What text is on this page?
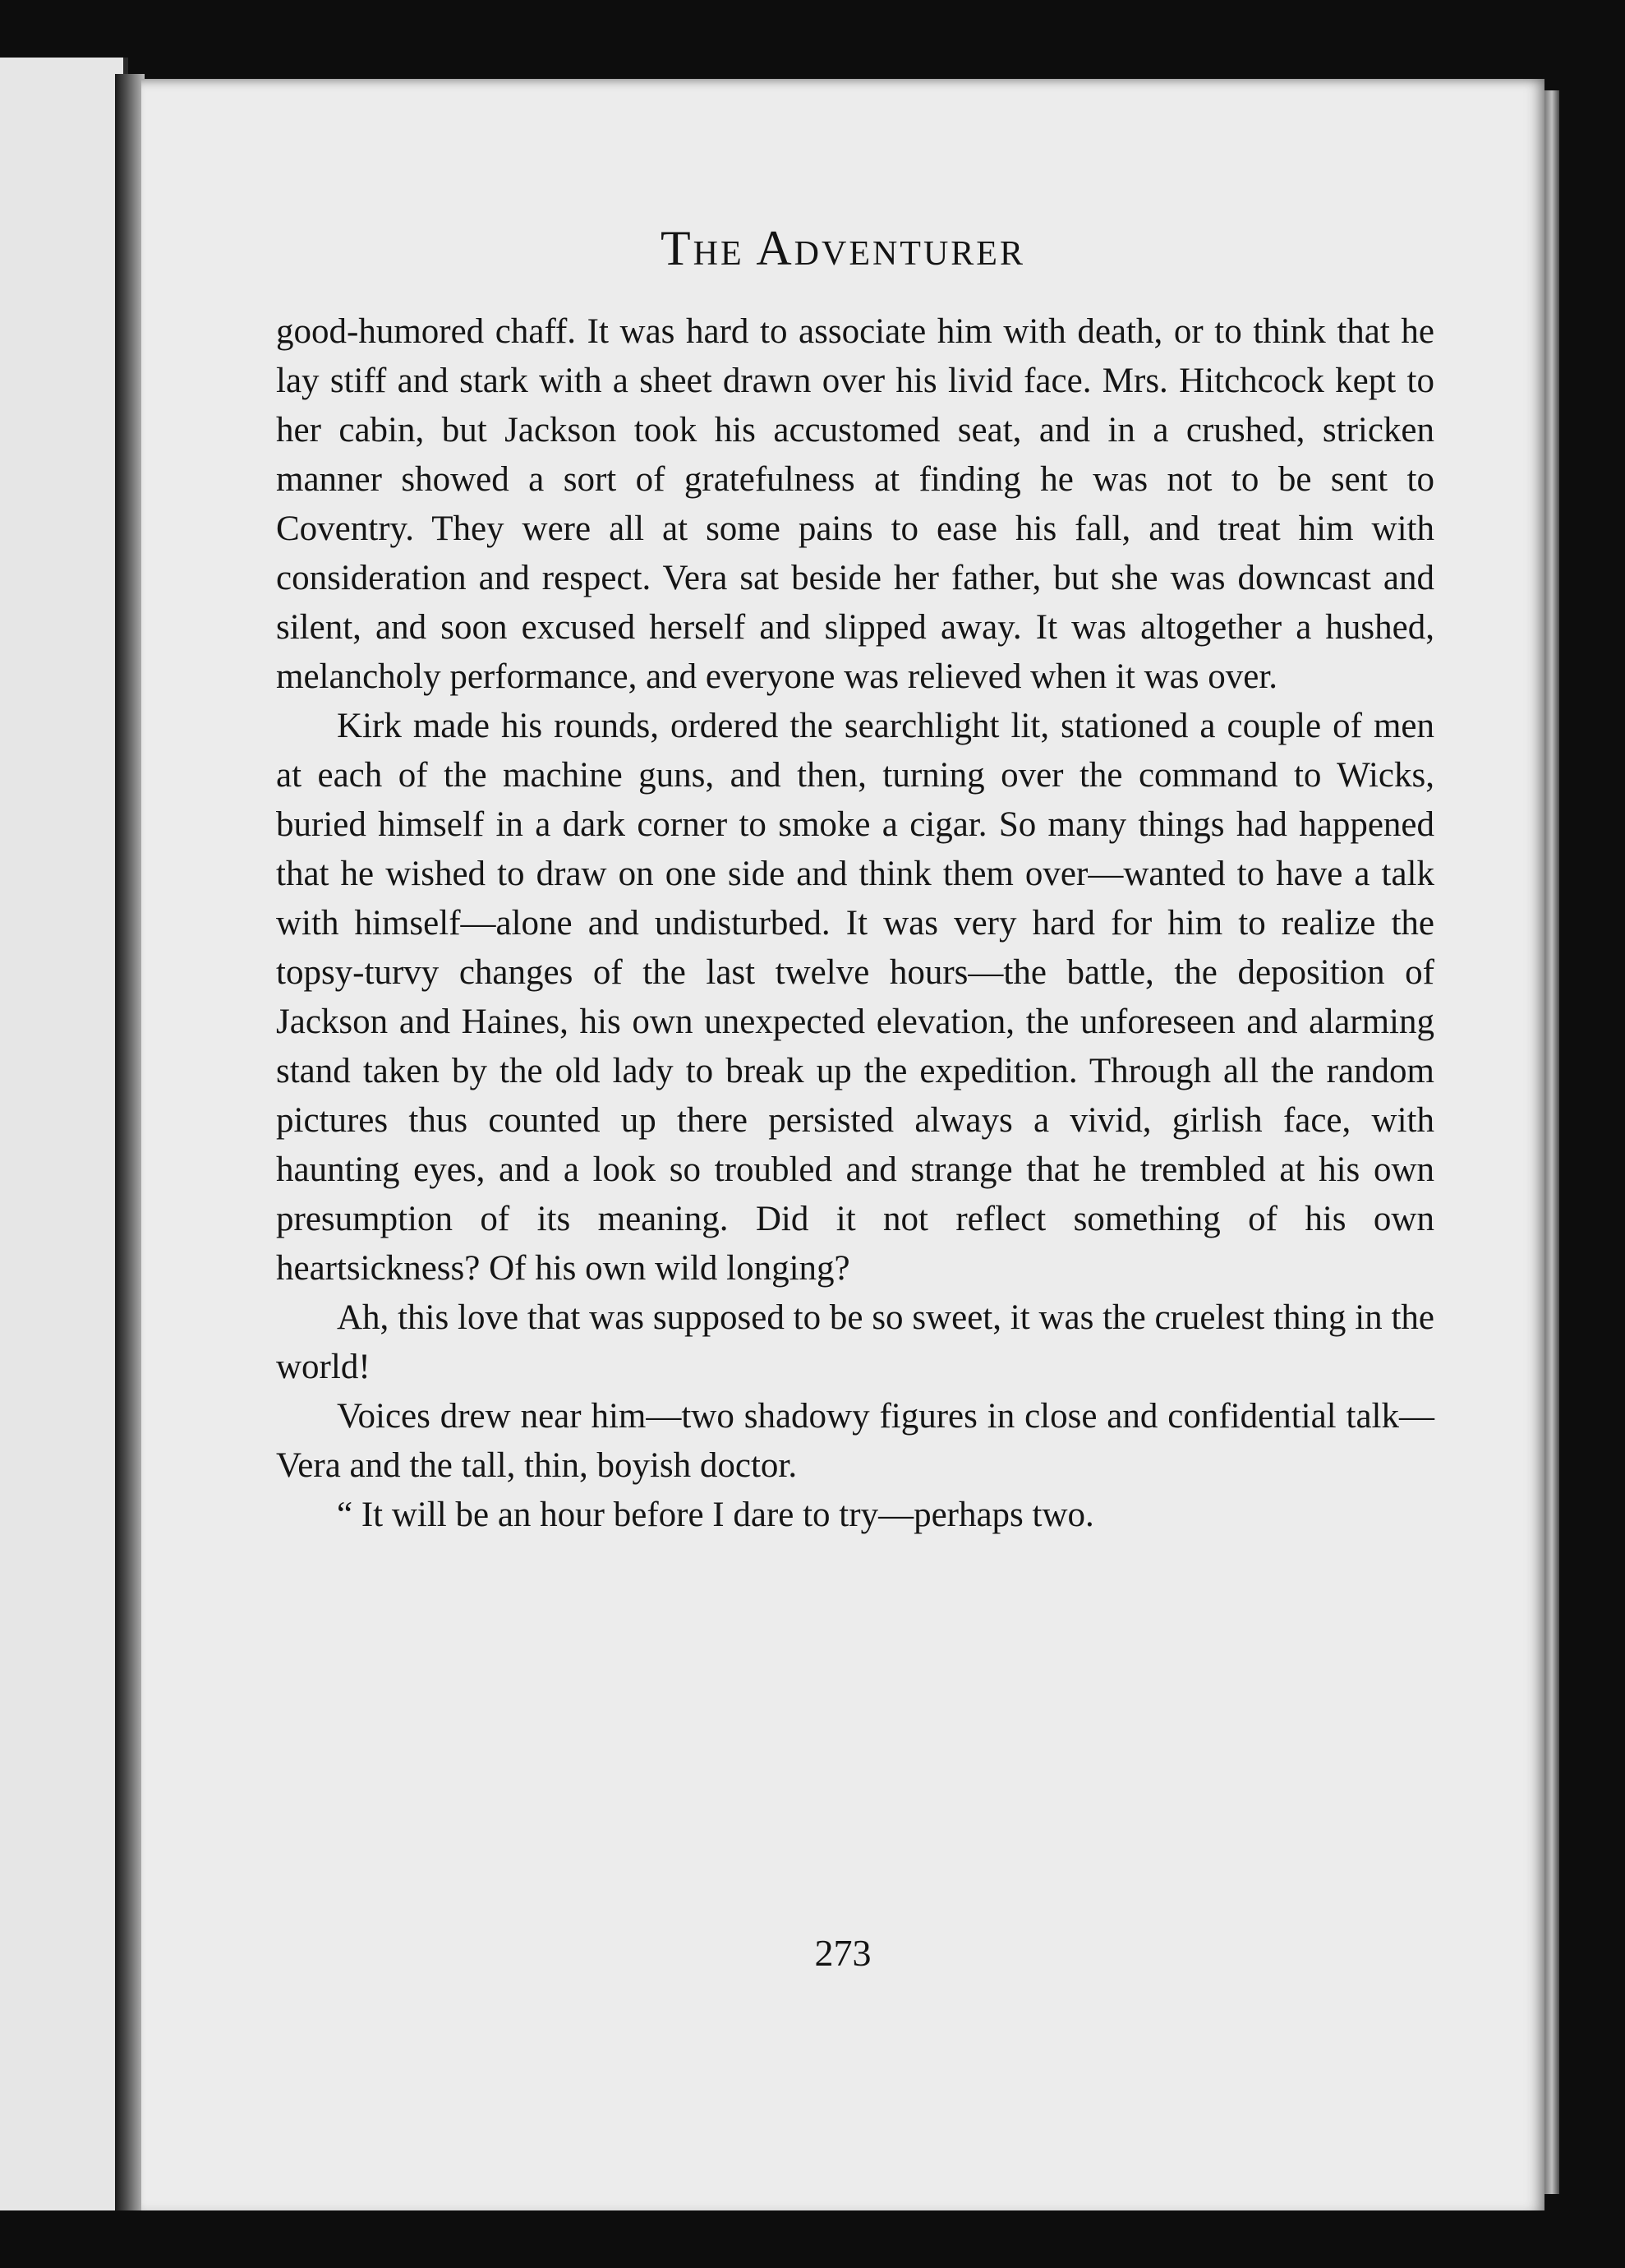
The Adventurer

good-humored chaff. It was hard to associate him with death, or to think that he lay stiff and stark with a sheet drawn over his livid face. Mrs. Hitchcock kept to her cabin, but Jackson took his accustomed seat, and in a crushed, stricken manner showed a sort of gratefulness at finding he was not to be sent to Coventry. They were all at some pains to ease his fall, and treat him with consideration and respect. Vera sat beside her father, but she was downcast and silent, and soon excused herself and slipped away. It was altogether a hushed, melancholy performance, and everyone was relieved when it was over.

Kirk made his rounds, ordered the searchlight lit, stationed a couple of men at each of the machine guns, and then, turning over the command to Wicks, buried himself in a dark corner to smoke a cigar. So many things had happened that he wished to draw on one side and think them over—wanted to have a talk with himself—alone and undisturbed. It was very hard for him to realize the topsy-turvy changes of the last twelve hours—the battle, the deposition of Jackson and Haines, his own unexpected elevation, the unforeseen and alarming stand taken by the old lady to break up the expedition. Through all the random pictures thus counted up there persisted always a vivid, girlish face, with haunting eyes, and a look so troubled and strange that he trembled at his own presumption of its meaning. Did it not reflect something of his own heartsickness? Of his own wild longing?

Ah, this love that was supposed to be so sweet, it was the cruelest thing in the world!

Voices drew near him—two shadowy figures in close and confidential talk—Vera and the tall, thin, boyish doctor.

“ It will be an hour before I dare to try—perhaps two.

273
